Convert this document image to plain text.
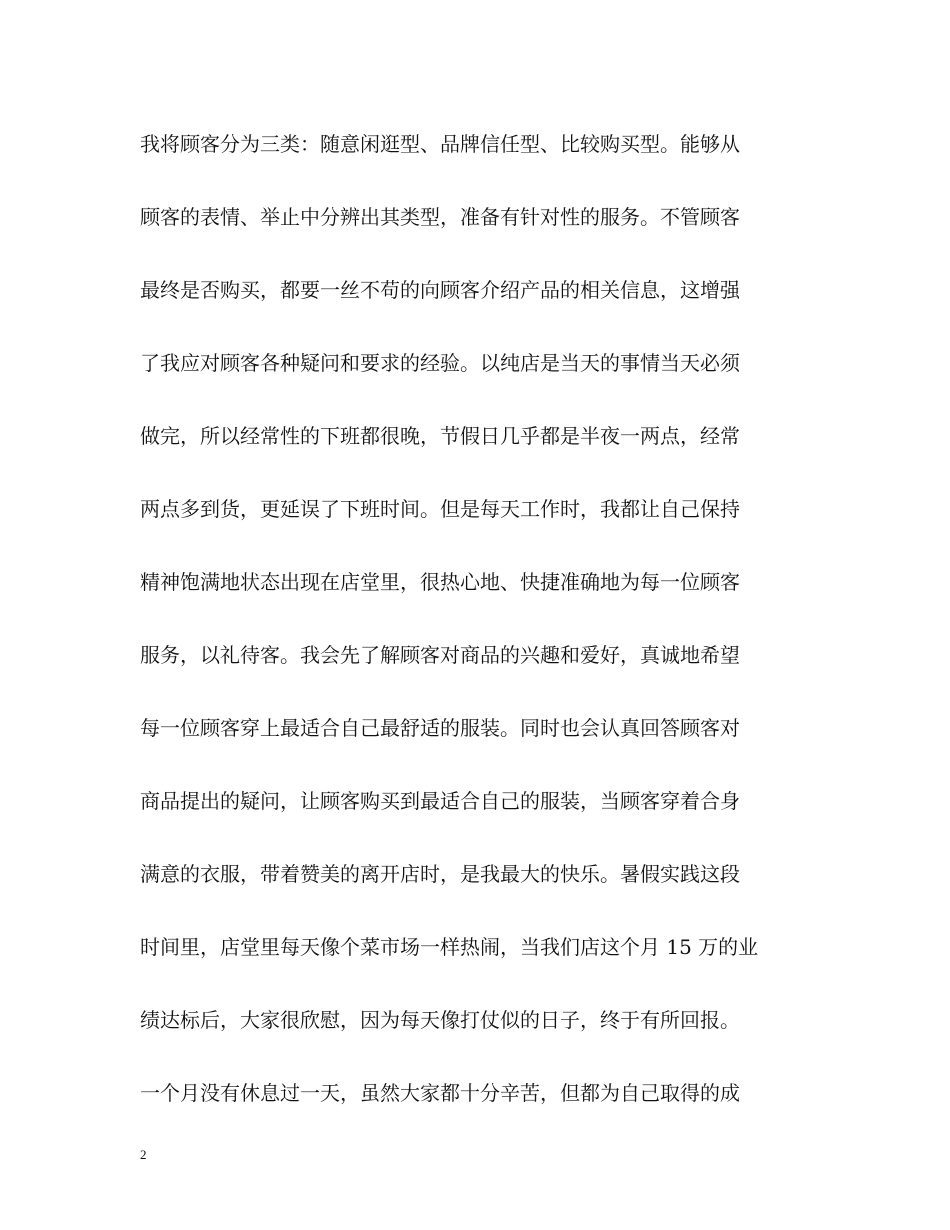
我将顾客分为三类：随意闲逛型、品牌信任型、比较购买型。能够从
顾客的表情、举止中分辨出其类型，准备有针对性的服务。不管顾客
最终是否购买，都要一丝不苟的向顾客介绍产品的相关信息，这增强
了我应对顾客各种疑问和要求的经验。以纯店是当天的事情当天必须
做完，所以经常性的下班都很晚，节假日几乎都是半夜一两点，经常
两点多到货，更延误了下班时间。但是每天工作时，我都让自己保持
精神饱满地状态出现在店堂里，很热心地、快捷准确地为每一位顾客
服务，以礼待客。我会先了解顾客对商品的兴趣和爱好，真诚地希望
每一位顾客穿上最适合自己最舒适的服装。同时也会认真回答顾客对
商品提出的疑问，让顾客购买到最适合自己的服装，当顾客穿着合身
满意的衣服，带着赞美的离开店时，是我最大的快乐。暑假实践这段
时间里，店堂里每天像个菜市场一样热闹，当我们店这个月 15 万的业
绩达标后，大家很欣慰，因为每天像打仗似的日子，终于有所回报。
一个月没有休息过一天，虽然大家都十分辛苦，但都为自己取得的成
2
